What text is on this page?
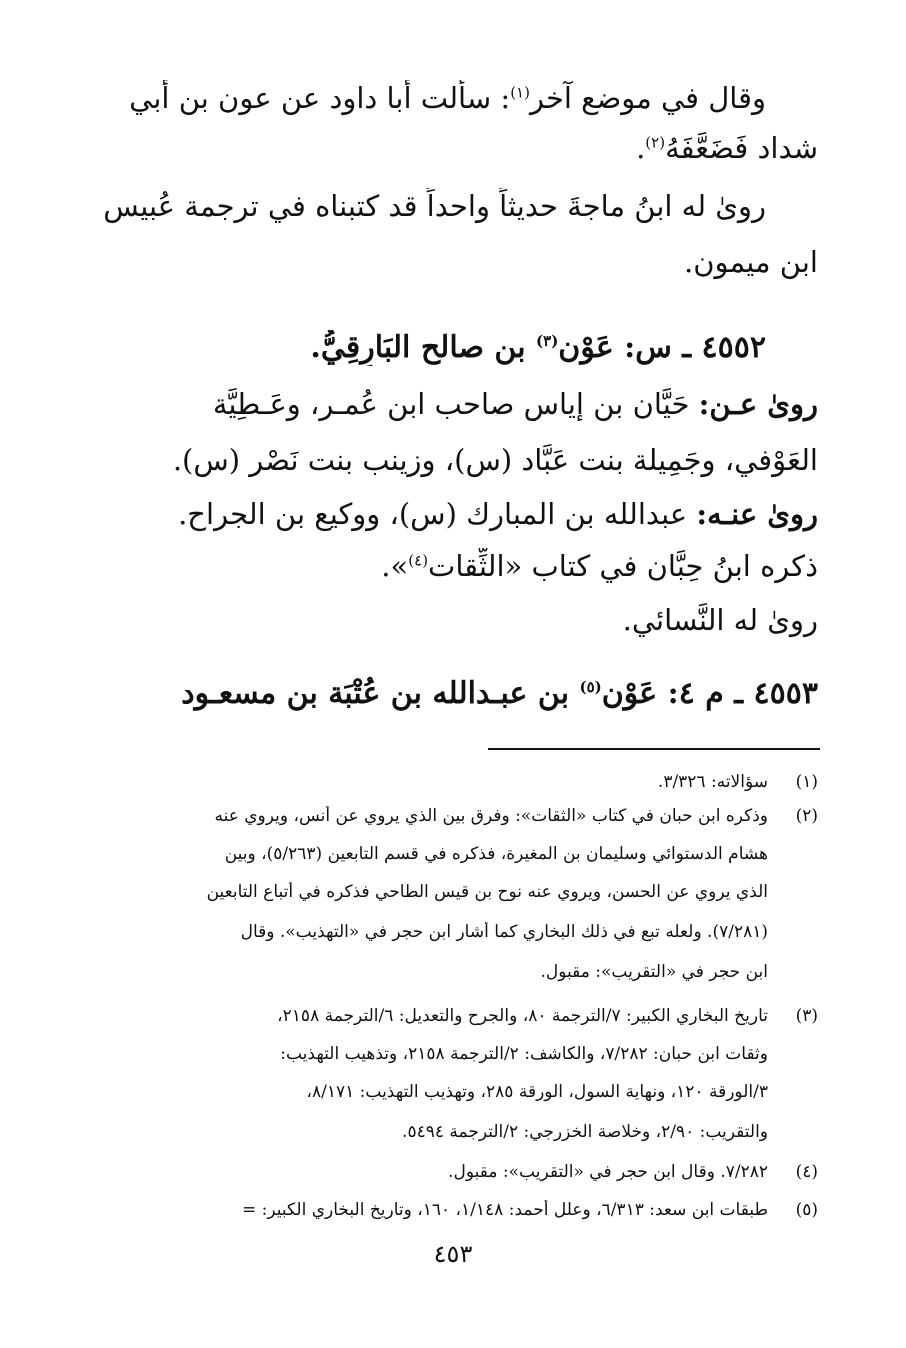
وقال في موضع آخر$^{(١)}$: سألت أبا داود عن عون بن أبي
شداد فَضَعَّفَهُ$^{(٢)}$.
روىٰ له ابنُ ماجةَ حديثاً واحداً قد كتبناه في ترجمة عُبيس
ابن ميمون.
٤٥٥٢ ـ س: عَوْن$^{(٣)}$ بن صالح البَارِقِيُّ.
روىٰ عـن: حَيَّان بن إياس صاحب ابن عُمـر، وعَـطِيَّة
العَوْفي، وجَمِيلة بنت عَبَّاد (س)، وزينب بنت نَصْر (س).
روىٰ عنـه: عبدالله بن المبارك (س)، ووكيع بن الجراح.
ذكره ابنُ حِبَّان في كتاب «الثِّقات$^{(٤)}$».
روىٰ له النَّسائي.
٤٥٥٣ ـ م ٤: عَوْن$^{(٥)}$ بن عبـدالله بن عُتْبَة بن مسعـود
(١)
سؤالاته: ٣/٣٢٦.
(٢)
وذكره ابن حبان في كتاب «الثقات»: وفرق بين الذي يروي عن أنس، ويروي عنه
هشام الدستوائي وسليمان بن المغيرة، فذكره في قسم التابعين (٥/٢٦٣)، وبين
الذي يروي عن الحسن، ويروي عنه نوح بن قيس الطاحي فذكره في أتباع التابعين
(٧/٢٨١). ولعله تبع في ذلك البخاري كما أشار ابن حجر في «التهذيب». وقال
ابن حجر في «التقريب»: مقبول.
(٣)
تاريخ البخاري الكبير: ٧/الترجمة ٨٠، والجرح والتعديل: ٦/الترجمة ٢١٥٨،
وثقات ابن حبان: ٧/٢٨٢، والكاشف: ٢/الترجمة ٢١٥٨، وتذهيب التهذيب:
٣/الورقة ١٢٠، ونهاية السول، الورقة ٢٨٥، وتهذيب التهذيب: ٨/١٧١،
والتقريب: ٢/٩٠، وخلاصة الخزرجي: ٢/الترجمة ٥٤٩٤.
(٤)
٧/٢٨٢. وقال ابن حجر في «التقريب»: مقبول.
(٥)
طبقات ابن سعد: ٦/٣١٣، وعلل أحمد: ١/١٤٨، ١٦٠، وتاريخ البخاري الكبير: =
٤٥٣
